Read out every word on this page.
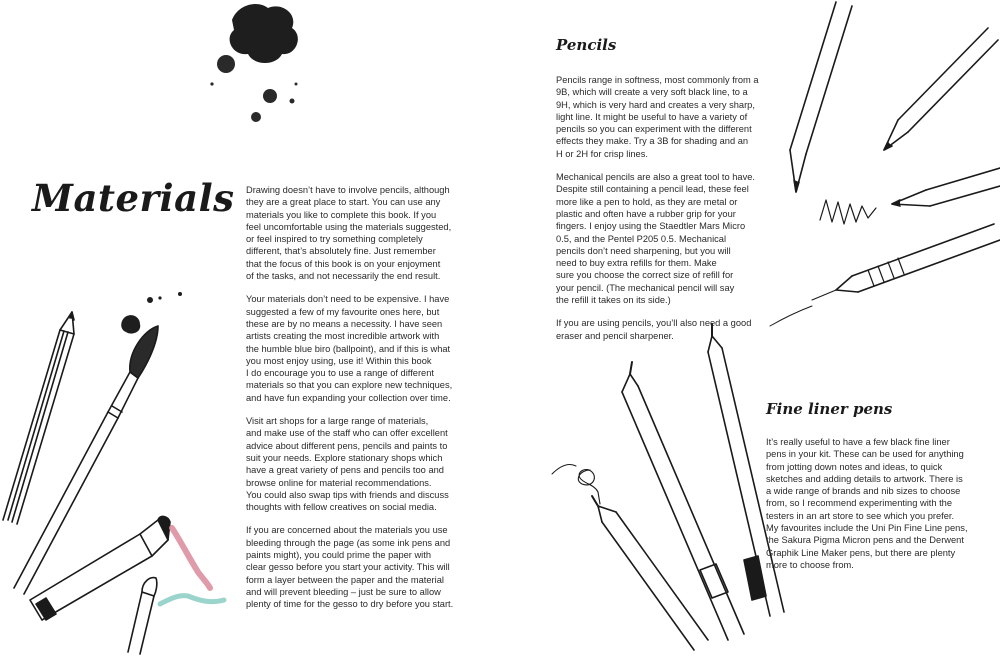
Materials Drawing doesn’t have to involve pencils, although
they are a great place to start. You can use any
materials you like to complete this book. If you
feel uncomfortable using the materials suggested,
or feel inspired to try something completely
different, that’s absolutely fine. Just remember
that the focus of this book is on your enjoyment
of the tasks, and not necessarily the end result.

Your materials don’t need to be expensive. I have
suggested a few of my favourite ones here, but
these are by no means a necessity. I have seen
artists creating the most incredible artwork with
the humble blue biro (ballpoint), and if this is what
you most enjoy using, use it! Within this book
I do encourage you to use a range of different
materials so that you can explore new techniques,
and have fun expanding your collection over time.

Visit art shops for a large range of materials,
and make use of the staff who can offer excellent
advice about different pens, pencils and paints to
suit your needs. Explore stationary shops which
have a great variety of pens and pencils too and
browse online for material recommendations.
You could also swap tips with friends and discuss
thoughts with fellow creatives on social media.

If you are concerned about the materials you use
bleeding through the page (as some ink pens and
paints might), you could prime the paper with
clear gesso before you start your activity. This will
form a layer between the paper and the material
and will prevent bleeding – just be sure to allow
plenty of time for the gesso to dry before you start.

Pencils

Pencils range in softness, most commonly from a
9B, which will create a very soft black line, to a
9H, which is very hard and creates a very sharp,
light line. It might be useful to have a variety of
pencils so you can experiment with the different
effects they make. Try a 3B for shading and an
H or 2H for crisp lines.

Mechanical pencils are also a great tool to have.
Despite still containing a pencil lead, these feel
more like a pen to hold, as they are metal or
plastic and often have a rubber grip for your
fingers. I enjoy using the Staedtler Mars Micro
0.5, and the Pentel P205 0.5. Mechanical
pencils don’t need sharpening, but you will
need to buy extra refills for them. Make
sure you choose the correct size of refill for
your pencil. (The mechanical pencil will say
the refill it takes on its side.)

If you are using pencils, you’ll also need a good
eraser and pencil sharpener.

Fine liner pens

It’s really useful to have a few black fine liner
pens in your kit. These can be used for anything
from jotting down notes and ideas, to quick
sketches and adding details to artwork. There is
a wide range of brands and nib sizes to choose
from, so I recommend experimenting with the
testers in an art store to see which you prefer.
My favourites include the Uni Pin Fine Line pens,
the Sakura Pigma Micron pens and the Derwent
Graphik Line Maker pens, but there are plenty
more to choose from.
